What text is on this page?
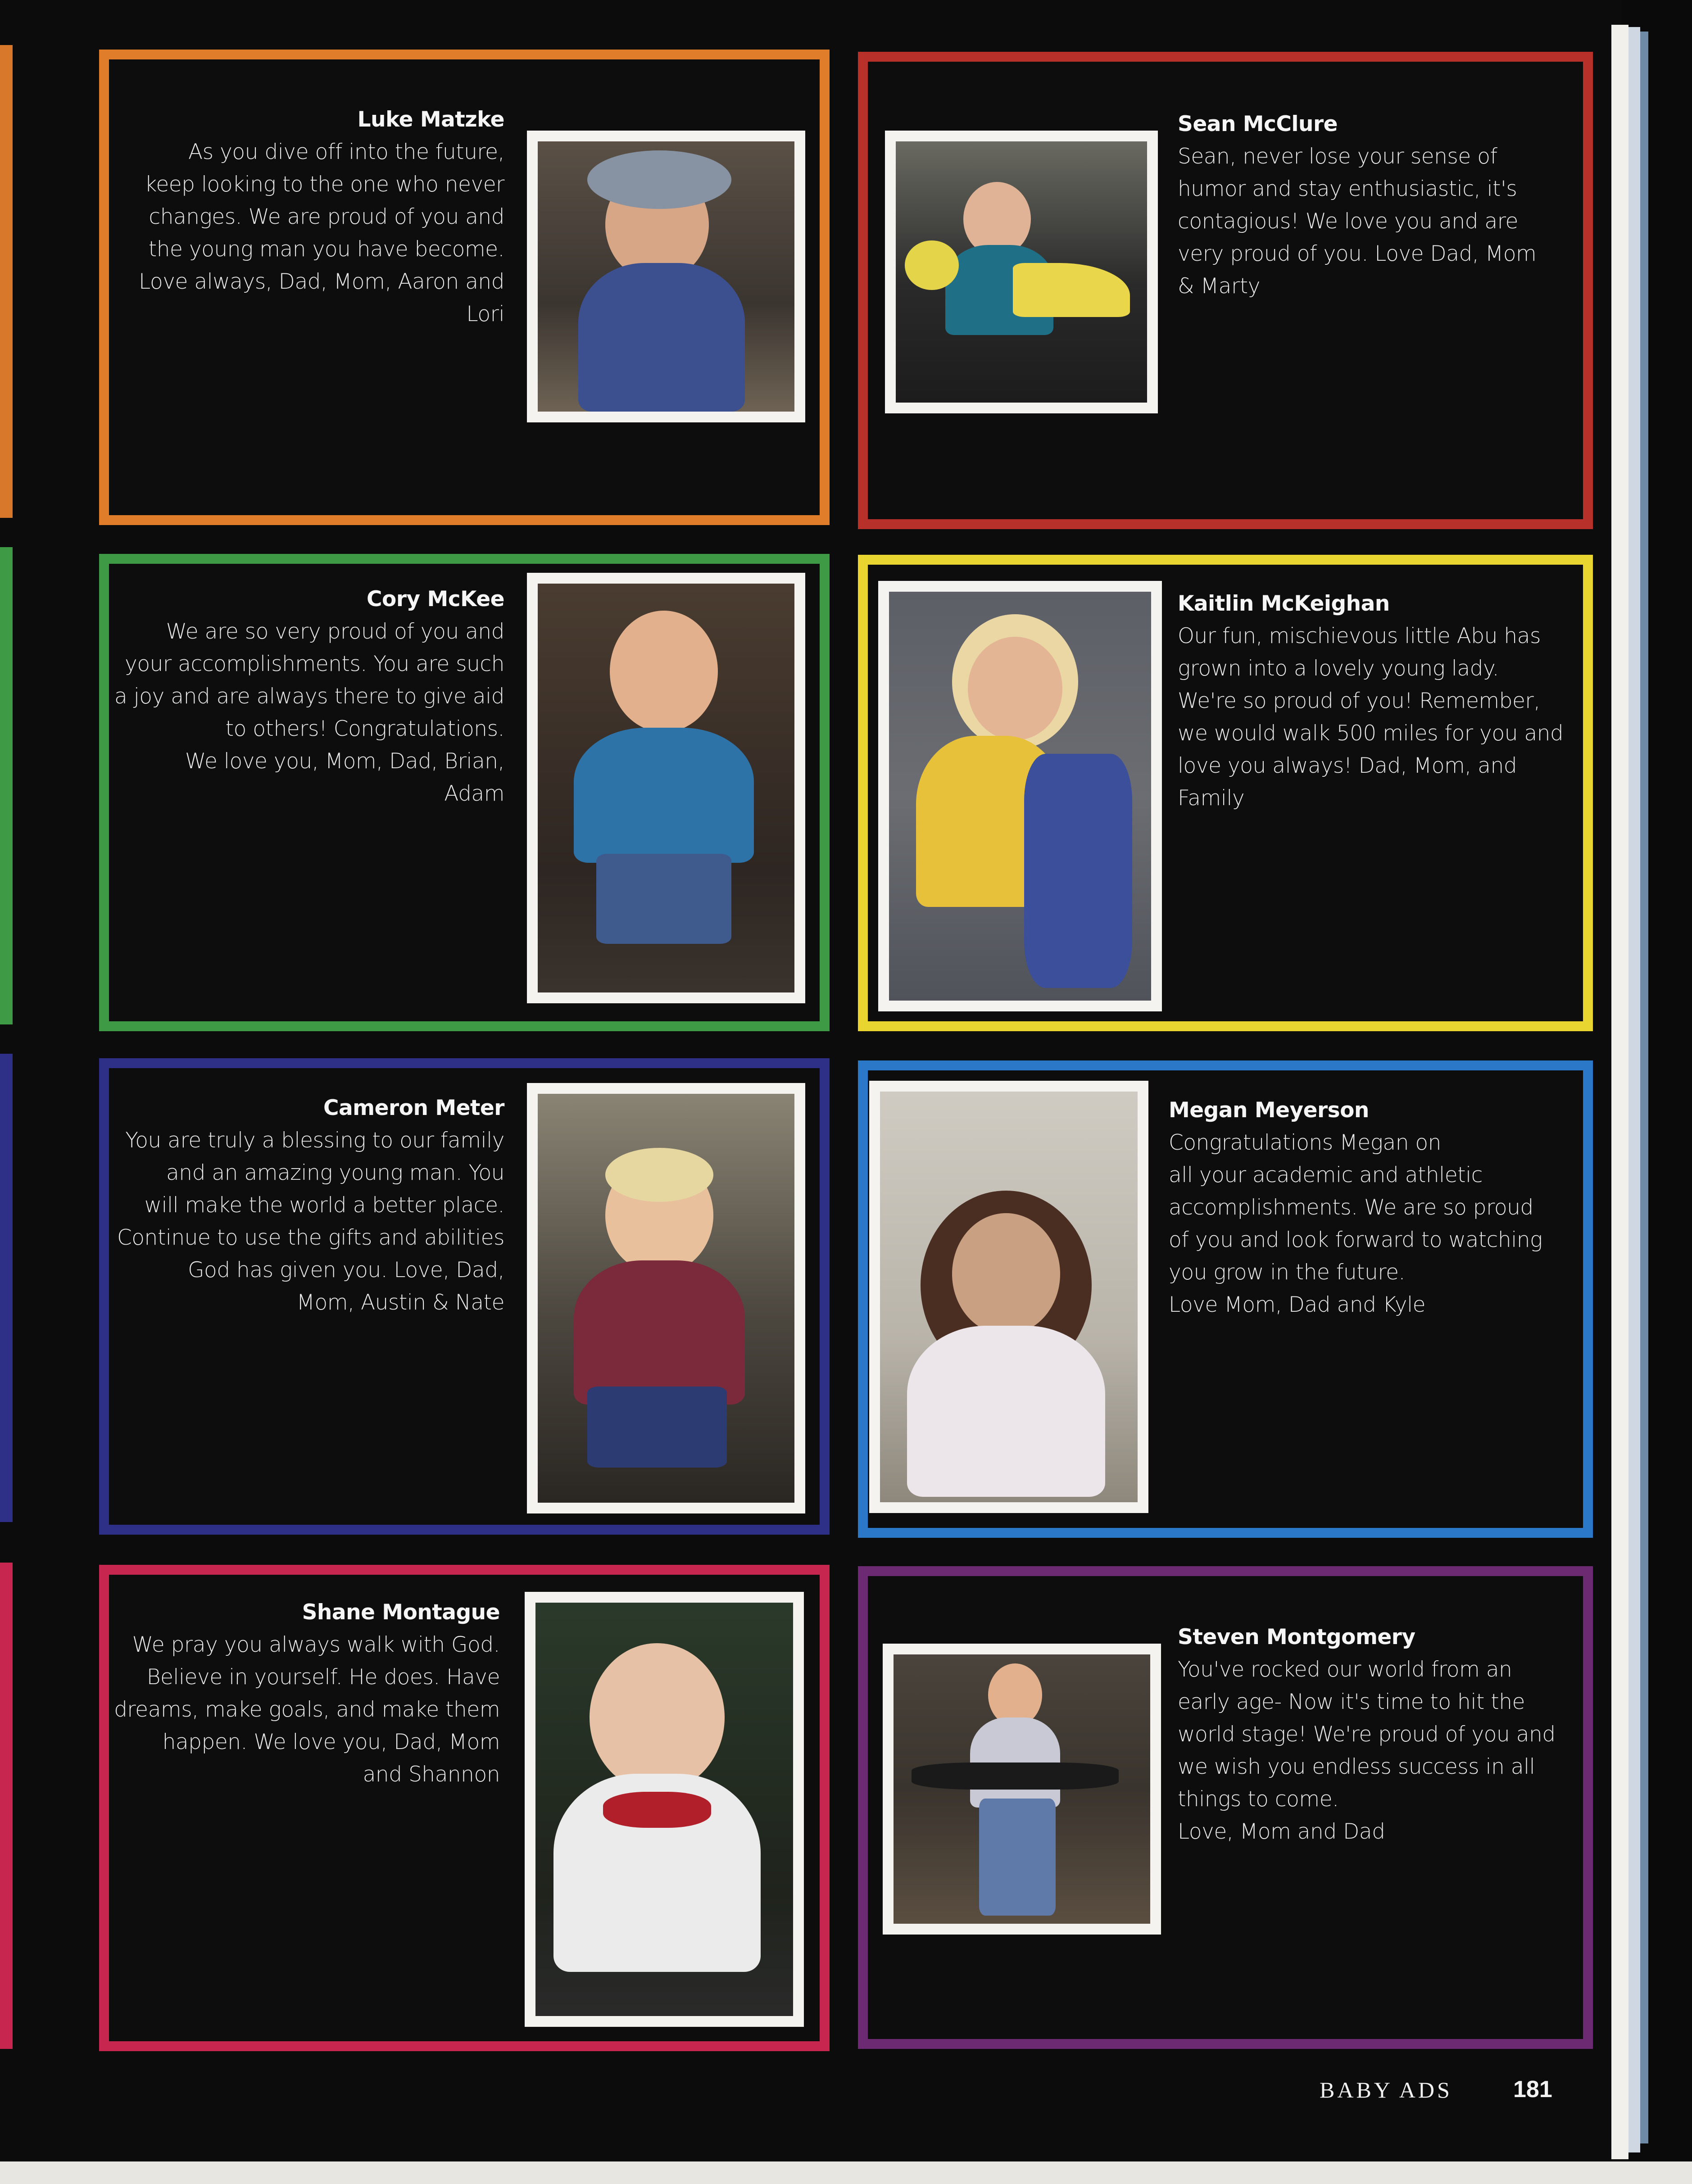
Luke Matzke
As you dive off into the future,
keep looking to the one who never
changes. We are proud of you and
the young man you have become.
Love always, Dad, Mom, Aaron and
Lori
Sean McClure
Sean, never lose your sense of
humor and stay enthusiastic, it's
contagious! We love you and are
very proud of you. Love Dad, Mom
& Marty
Cory McKee
We are so very proud of you and
your accomplishments. You are such
a joy and are always there to give aid
to others! Congratulations.
We love you, Mom, Dad, Brian,
Adam
Kaitlin McKeighan
Our fun, mischievous little Abu has
grown into a lovely young lady.
We're so proud of you! Remember,
we would walk 500 miles for you and
love you always! Dad, Mom, and
Family
Cameron Meter
You are truly a blessing to our family
and an amazing young man. You
will make the world a better place.
Continue to use the gifts and abilities
God has given you. Love, Dad,
Mom, Austin & Nate
Megan Meyerson
Congratulations Megan on
all your academic and athletic
accomplishments. We are so proud
of you and look forward to watching
you grow in the future.
Love Mom, Dad and Kyle
Shane Montague
We pray you always walk with God.
Believe in yourself. He does. Have
dreams, make goals, and make them
happen. We love you, Dad, Mom
and Shannon
Steven Montgomery
You've rocked our world from an
early age- Now it's time to hit the
world stage! We're proud of you and
we wish you endless success in all
things to come.
Love, Mom and Dad
BABY ADS	181
